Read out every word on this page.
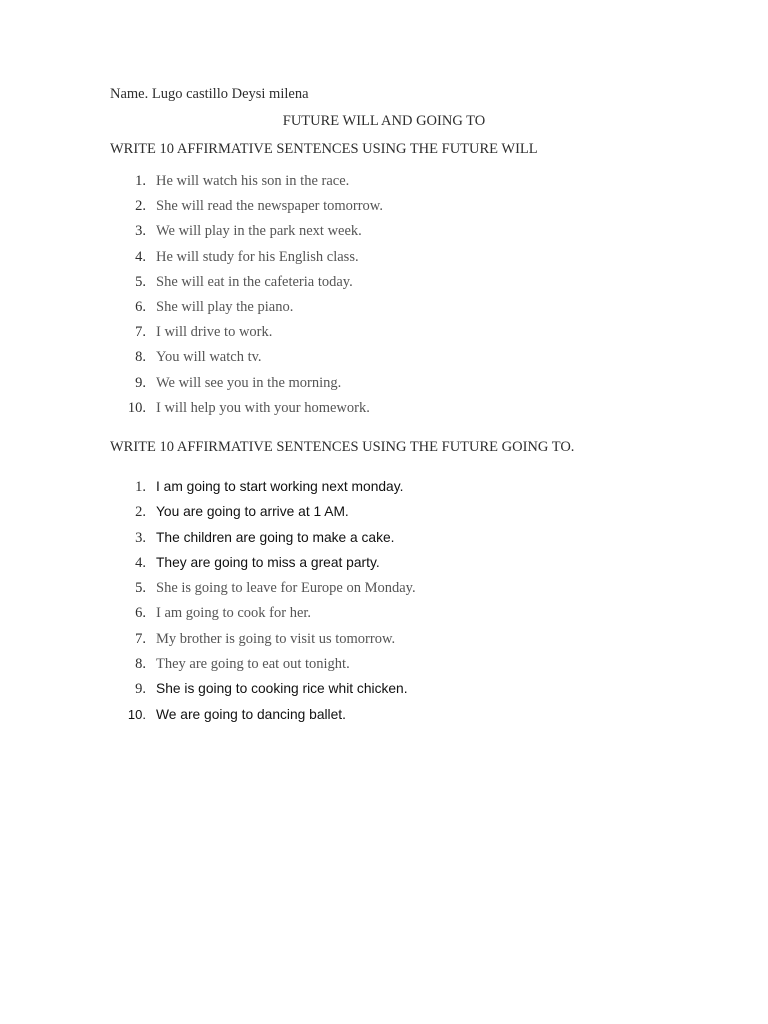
Name. Lugo castillo Deysi milena
FUTURE WILL AND GOING TO
WRITE 10 AFFIRMATIVE SENTENCES USING THE FUTURE WILL
1. He will watch his son in the race.
2. She will read the newspaper tomorrow.
3. We will play in the park next week.
4. He will study for his English class.
5. She will eat in the cafeteria today.
6. She will play the piano.
7. I will drive to work.
8. You will watch tv.
9. We will see you in the morning.
10. I will help you with your homework.
WRITE 10 AFFIRMATIVE SENTENCES USING THE FUTURE GOING TO.
1. I am going to start working next monday.
2. You are going to arrive at 1 AM.
3. The children are going to make a cake.
4. They are going to miss a great party.
5. She is going to leave for Europe on Monday.
6. I am going to cook for her.
7. My brother is going to visit us tomorrow.
8. They are going to eat out tonight.
9. She is going to cooking rice whit chicken.
10. We are going to dancing ballet.
